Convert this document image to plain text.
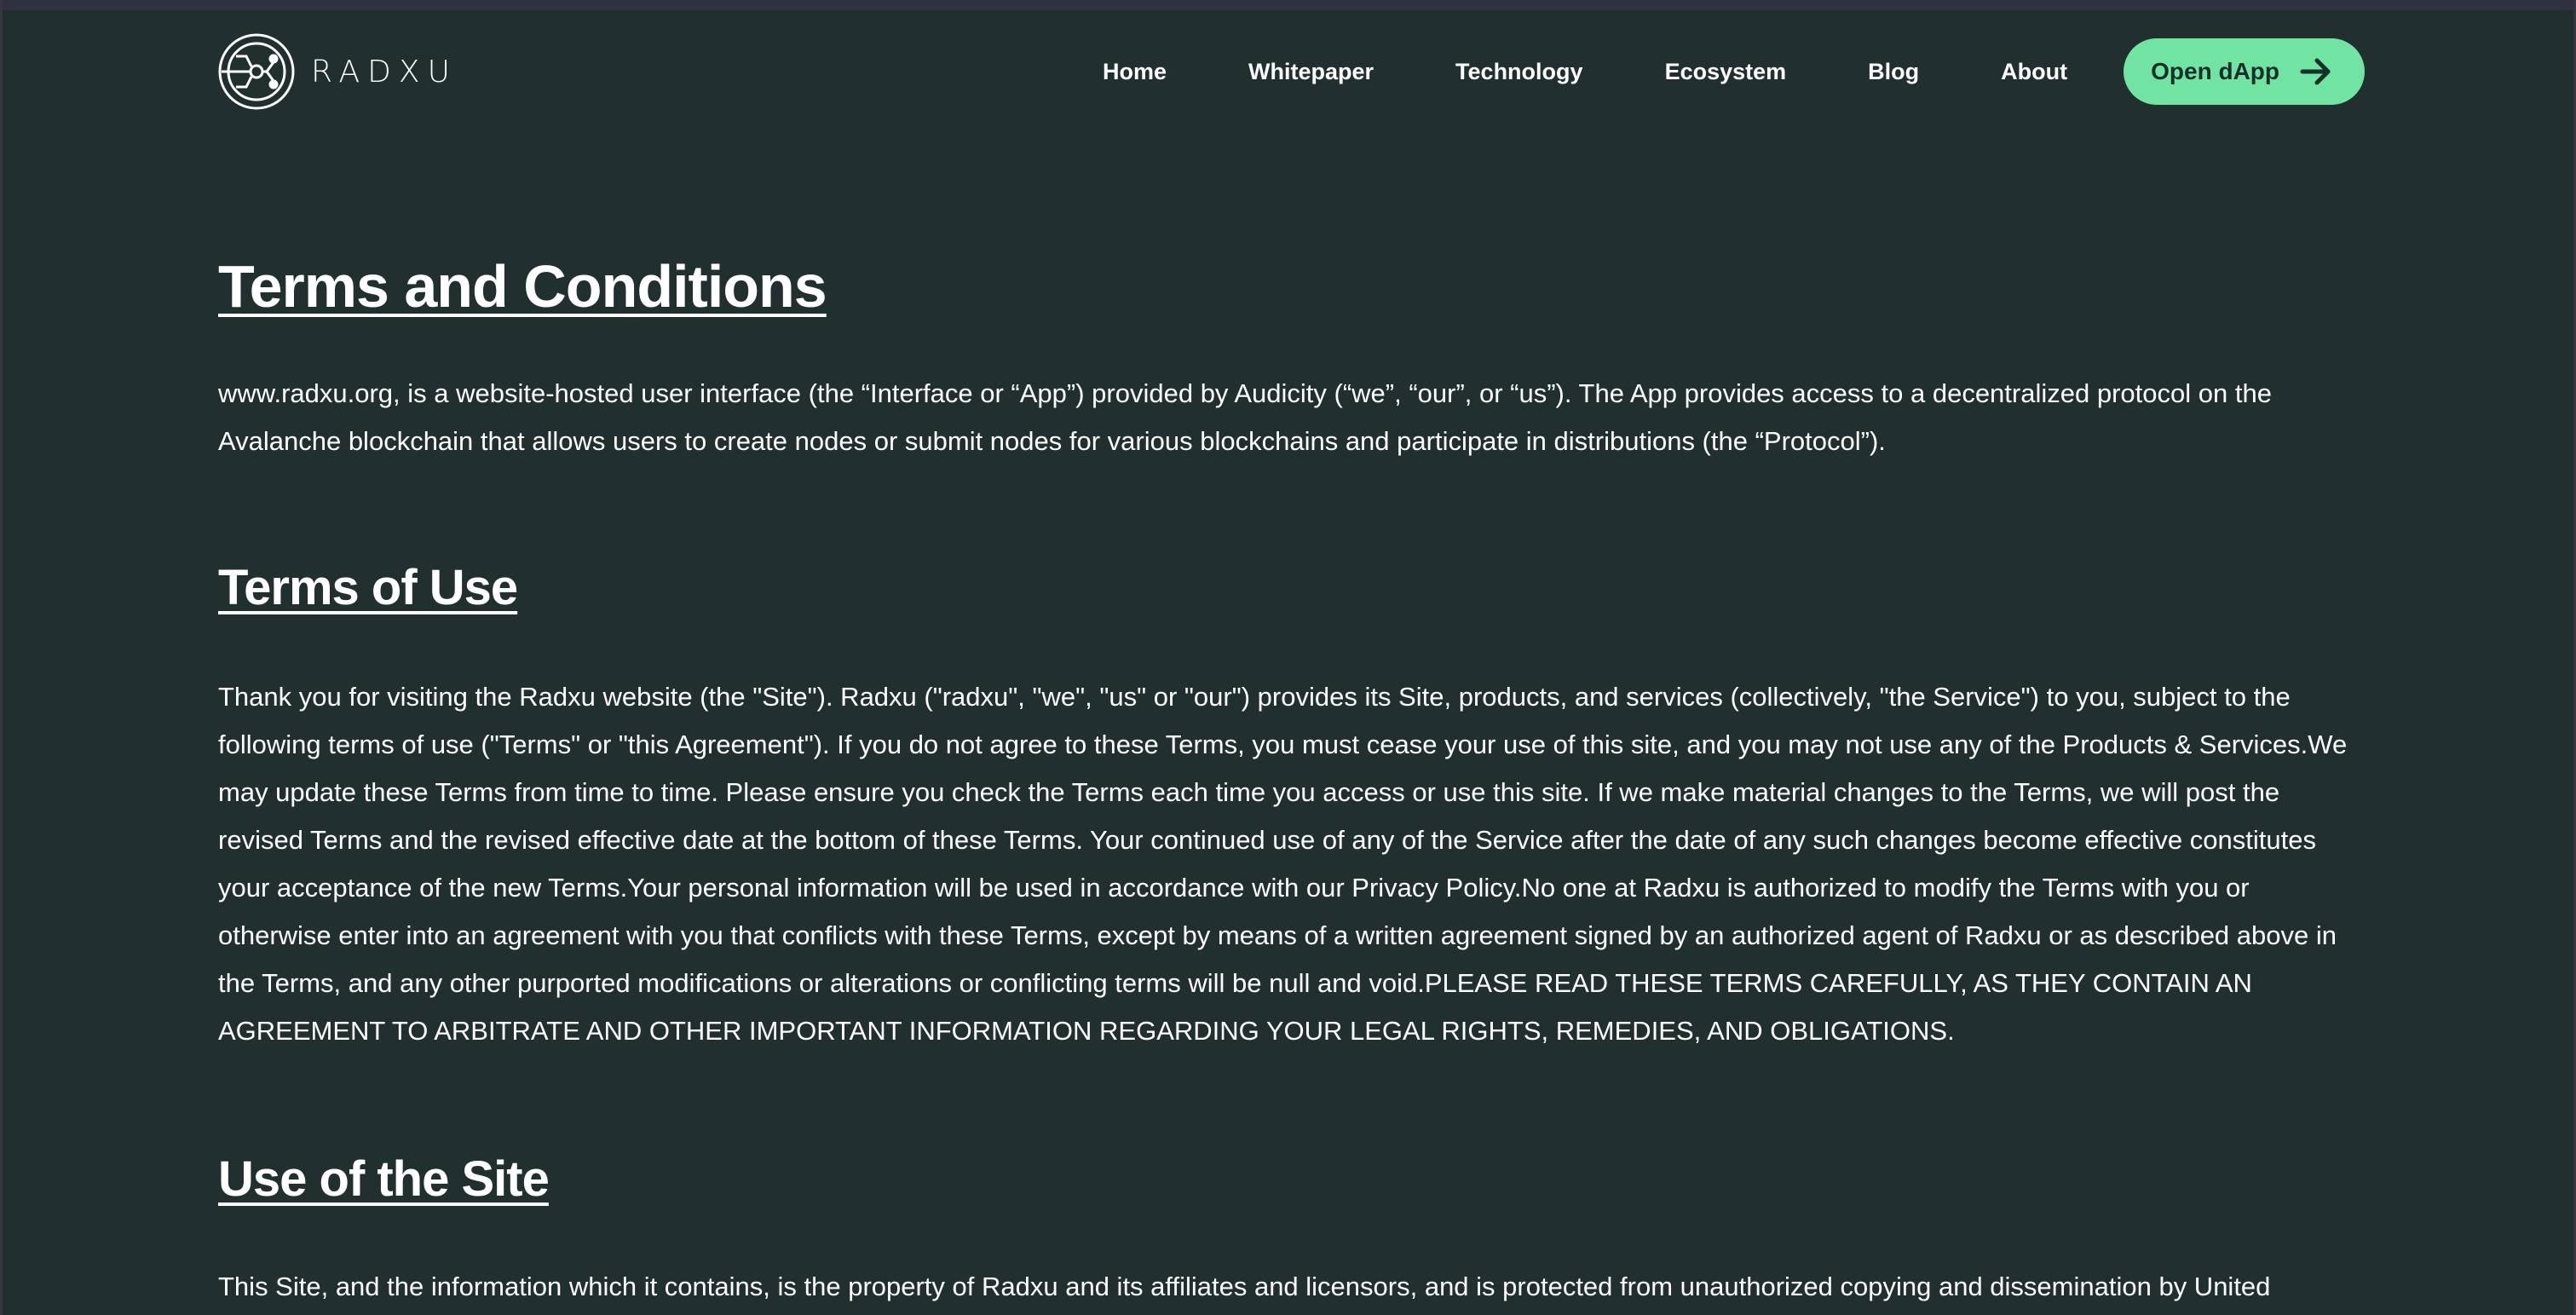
RADXU	Home	Whitepaper	Technology	Ecosystem	Blog	About	Open dApp
Terms and Conditions

www.radxu.org, is a website-hosted user interface (the “Interface or “App”) provided by Audicity (“we”, “our”, or “us”). The App provides access to a decentralized protocol on the Avalanche blockchain that allows users to create nodes or submit nodes for various blockchains and participate in distributions (the “Protocol”).

Terms of Use

Thank you for visiting the Radxu website (the "Site"). Radxu ("radxu", "we", "us" or "our") provides its Site, products, and services (collectively, "the Service") to you, subject to the following terms of use ("Terms" or "this Agreement"). If you do not agree to these Terms, you must cease your use of this site, and you may not use any of the Products & Services.We may update these Terms from time to time. Please ensure you check the Terms each time you access or use this site. If we make material changes to the Terms, we will post the revised Terms and the revised effective date at the bottom of these Terms. Your continued use of any of the Service after the date of any such changes become effective constitutes your acceptance of the new Terms.Your personal information will be used in accordance with our Privacy Policy.No one at Radxu is authorized to modify the Terms with you or otherwise enter into an agreement with you that conflicts with these Terms, except by means of a written agreement signed by an authorized agent of Radxu or as described above in the Terms, and any other purported modifications or alterations or conflicting terms will be null and void.PLEASE READ THESE TERMS CAREFULLY, AS THEY CONTAIN AN AGREEMENT TO ARBITRATE AND OTHER IMPORTANT INFORMATION REGARDING YOUR LEGAL RIGHTS, REMEDIES, AND OBLIGATIONS.

Use of the Site

This Site, and the information which it contains, is the property of Radxu and its affiliates and licensors, and is protected from unauthorized copying and dissemination by United
